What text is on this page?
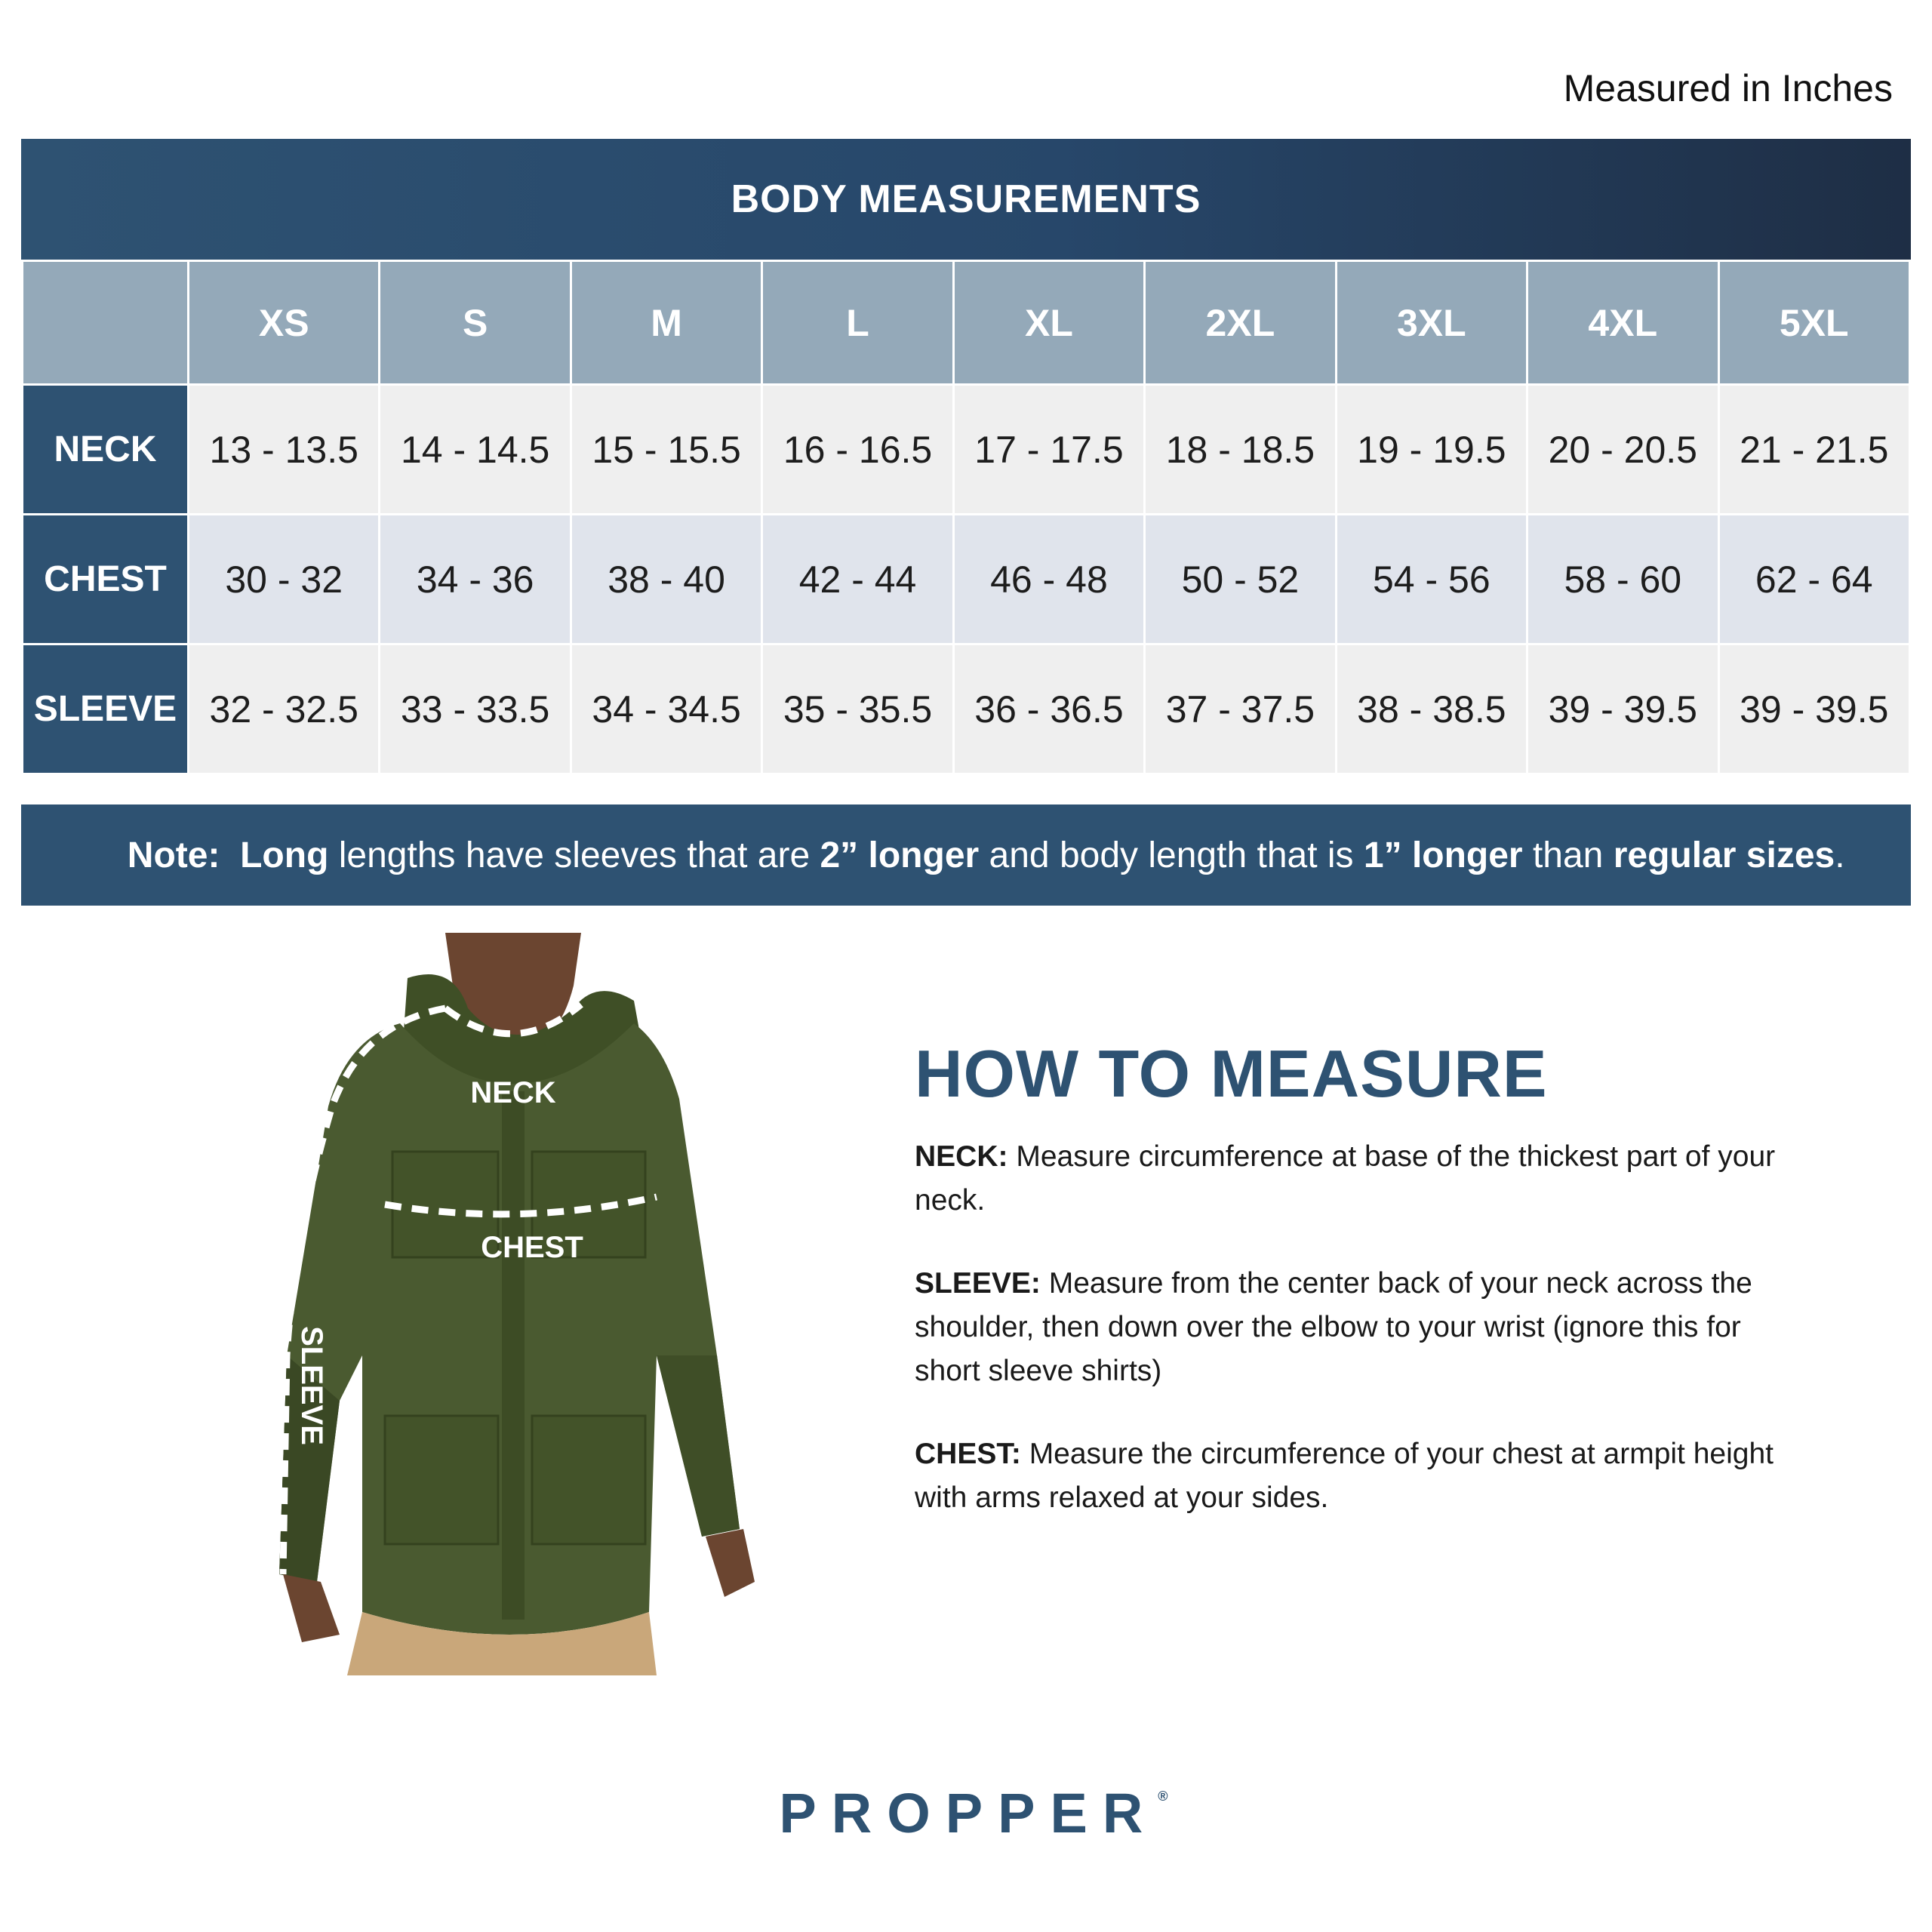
Measured in Inches
BODY MEASUREMENTS
	XS	S	M	L	XL	2XL	3XL	4XL	5XL
NECK	13 - 13.5	14 - 14.5	15 - 15.5	16 - 16.5	17 - 17.5	18 - 18.5	19 - 19.5	20 - 20.5	21 - 21.5
CHEST	30 - 32	34 - 36	38 - 40	42 - 44	46 - 48	50 - 52	54 - 56	58 - 60	62 - 64
SLEEVE	32 - 32.5	33 - 33.5	34 - 34.5	35 - 35.5	36 - 36.5	37 - 37.5	38 - 38.5	39 - 39.5	39 - 39.5

Note: Long lengths have sleeves that are 2” longer and body length that is 1” longer than regular sizes.

NECK
CHEST
SLEEVE
HOW TO MEASURE

NECK: Measure circumference at base of the thickest part of your neck.

SLEEVE: Measure from the center back of your neck across the shoulder, then down over the elbow to your wrist (ignore this for short sleeve shirts)

CHEST: Measure the circumference of your chest at armpit height with arms relaxed at your sides.

PROPPER®
